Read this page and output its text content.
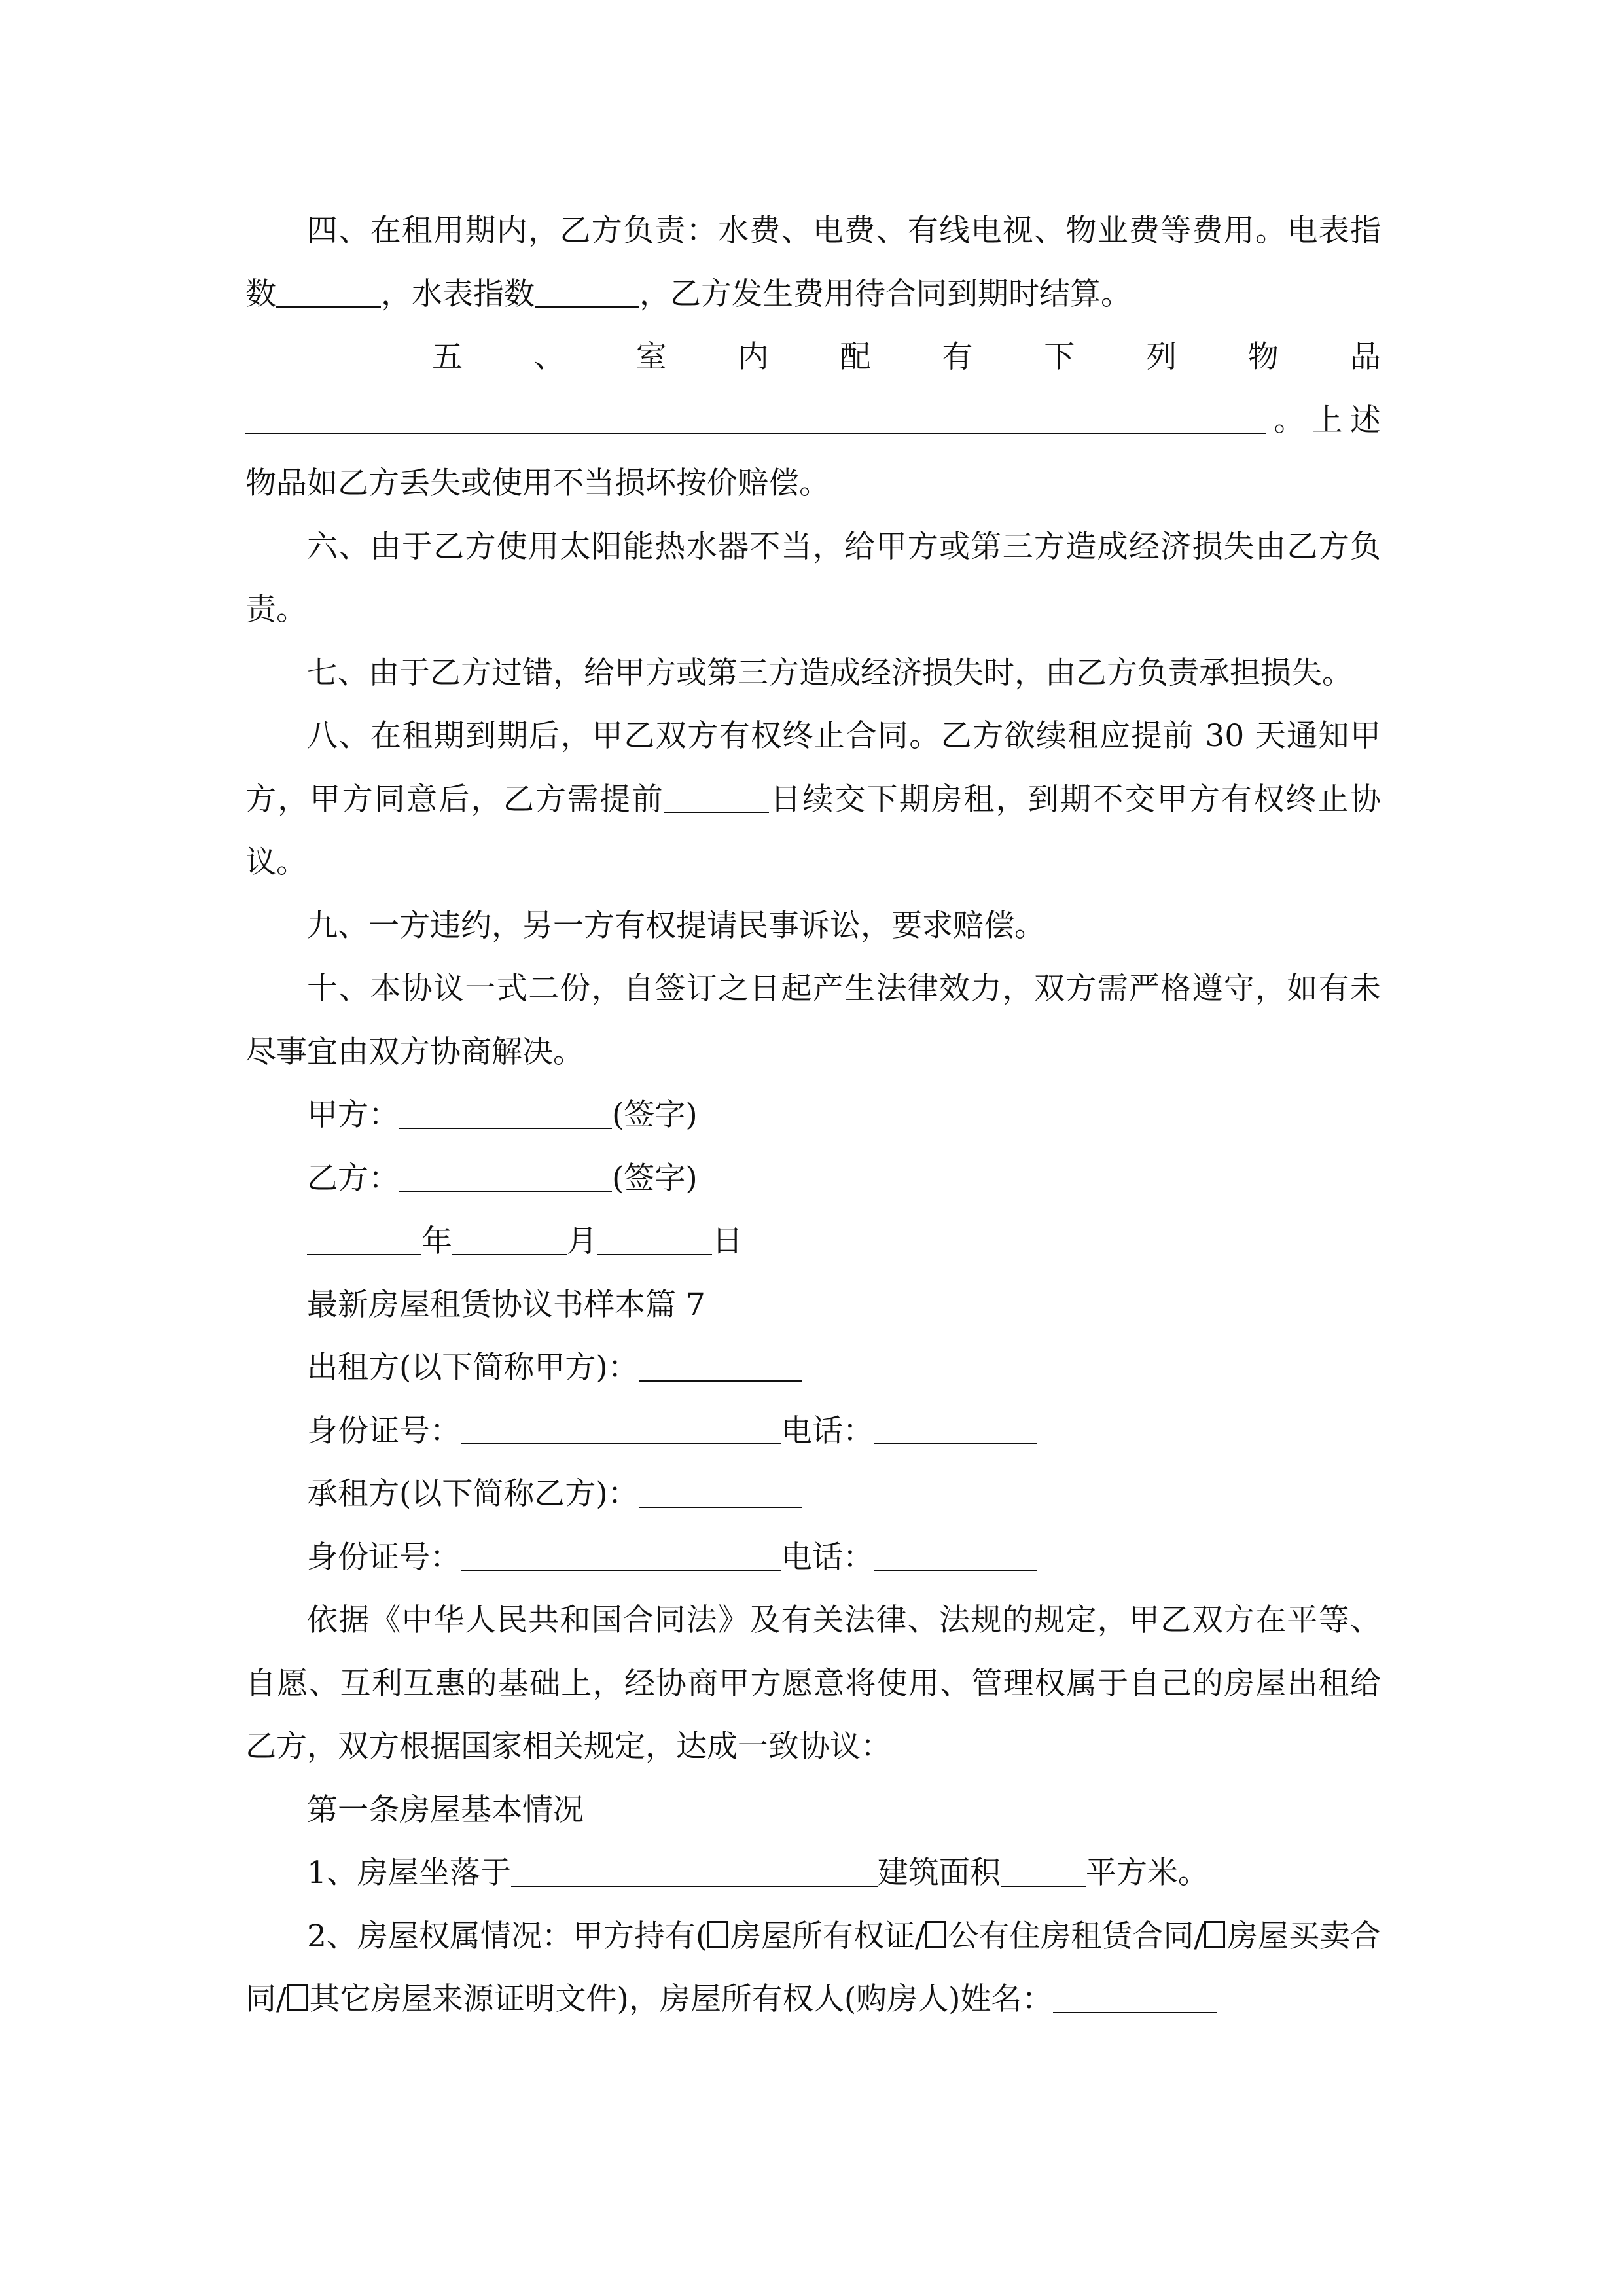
四、在租用期内，乙方负责：水费、电费、有线电视、物业费等费用。电表指数	，水表指数	，乙方发生费用待合同到期时结算。

五 、 室 内 配 有 下 列 物 品

。上述物品如乙方丢失或使用不当损坏按价赔偿。

六、由于乙方使用太阳能热水器不当，给甲方或第三方造成经济损失由乙方负责。

七、由于乙方过错，给甲方或第三方造成经济损失时，由乙方负责承担损失。

八、在租期到期后，甲乙双方有权终止合同。乙方欲续租应提前 30 天通知甲方，甲方同意后，乙方需提前	日续交下期房租，到期不交甲方有权终止协议。

九、一方违约，另一方有权提请民事诉讼，要求赔偿。

十、本协议一式二份，自签订之日起产生法律效力，双方需严格遵守，如有未尽事宜由双方协商解决。

甲方：	(签字)

乙方：	(签字)

年	月	日

最新房屋租赁协议书样本篇 7

出租方(以下简称甲方)：

身份证号：	电话：

承租方(以下简称乙方)：

身份证号：	电话：

依据《中华人民共和国合同法》及有关法律、法规的规定，甲乙双方在平等、自愿、互利互惠的基础上，经协商甲方愿意将使用、管理权属于自己的房屋出租给乙方，双方根据国家相关规定，达成一致协议：

第一条房屋基本情况

1、房屋坐落于	建筑面积	平方米。

2、房屋权属情况：甲方持有( 房屋所有权证/ 公有住房租赁合同/ 房屋买卖合同/ 其它房屋来源证明文件)，房屋所有权人(购房人)姓名：
